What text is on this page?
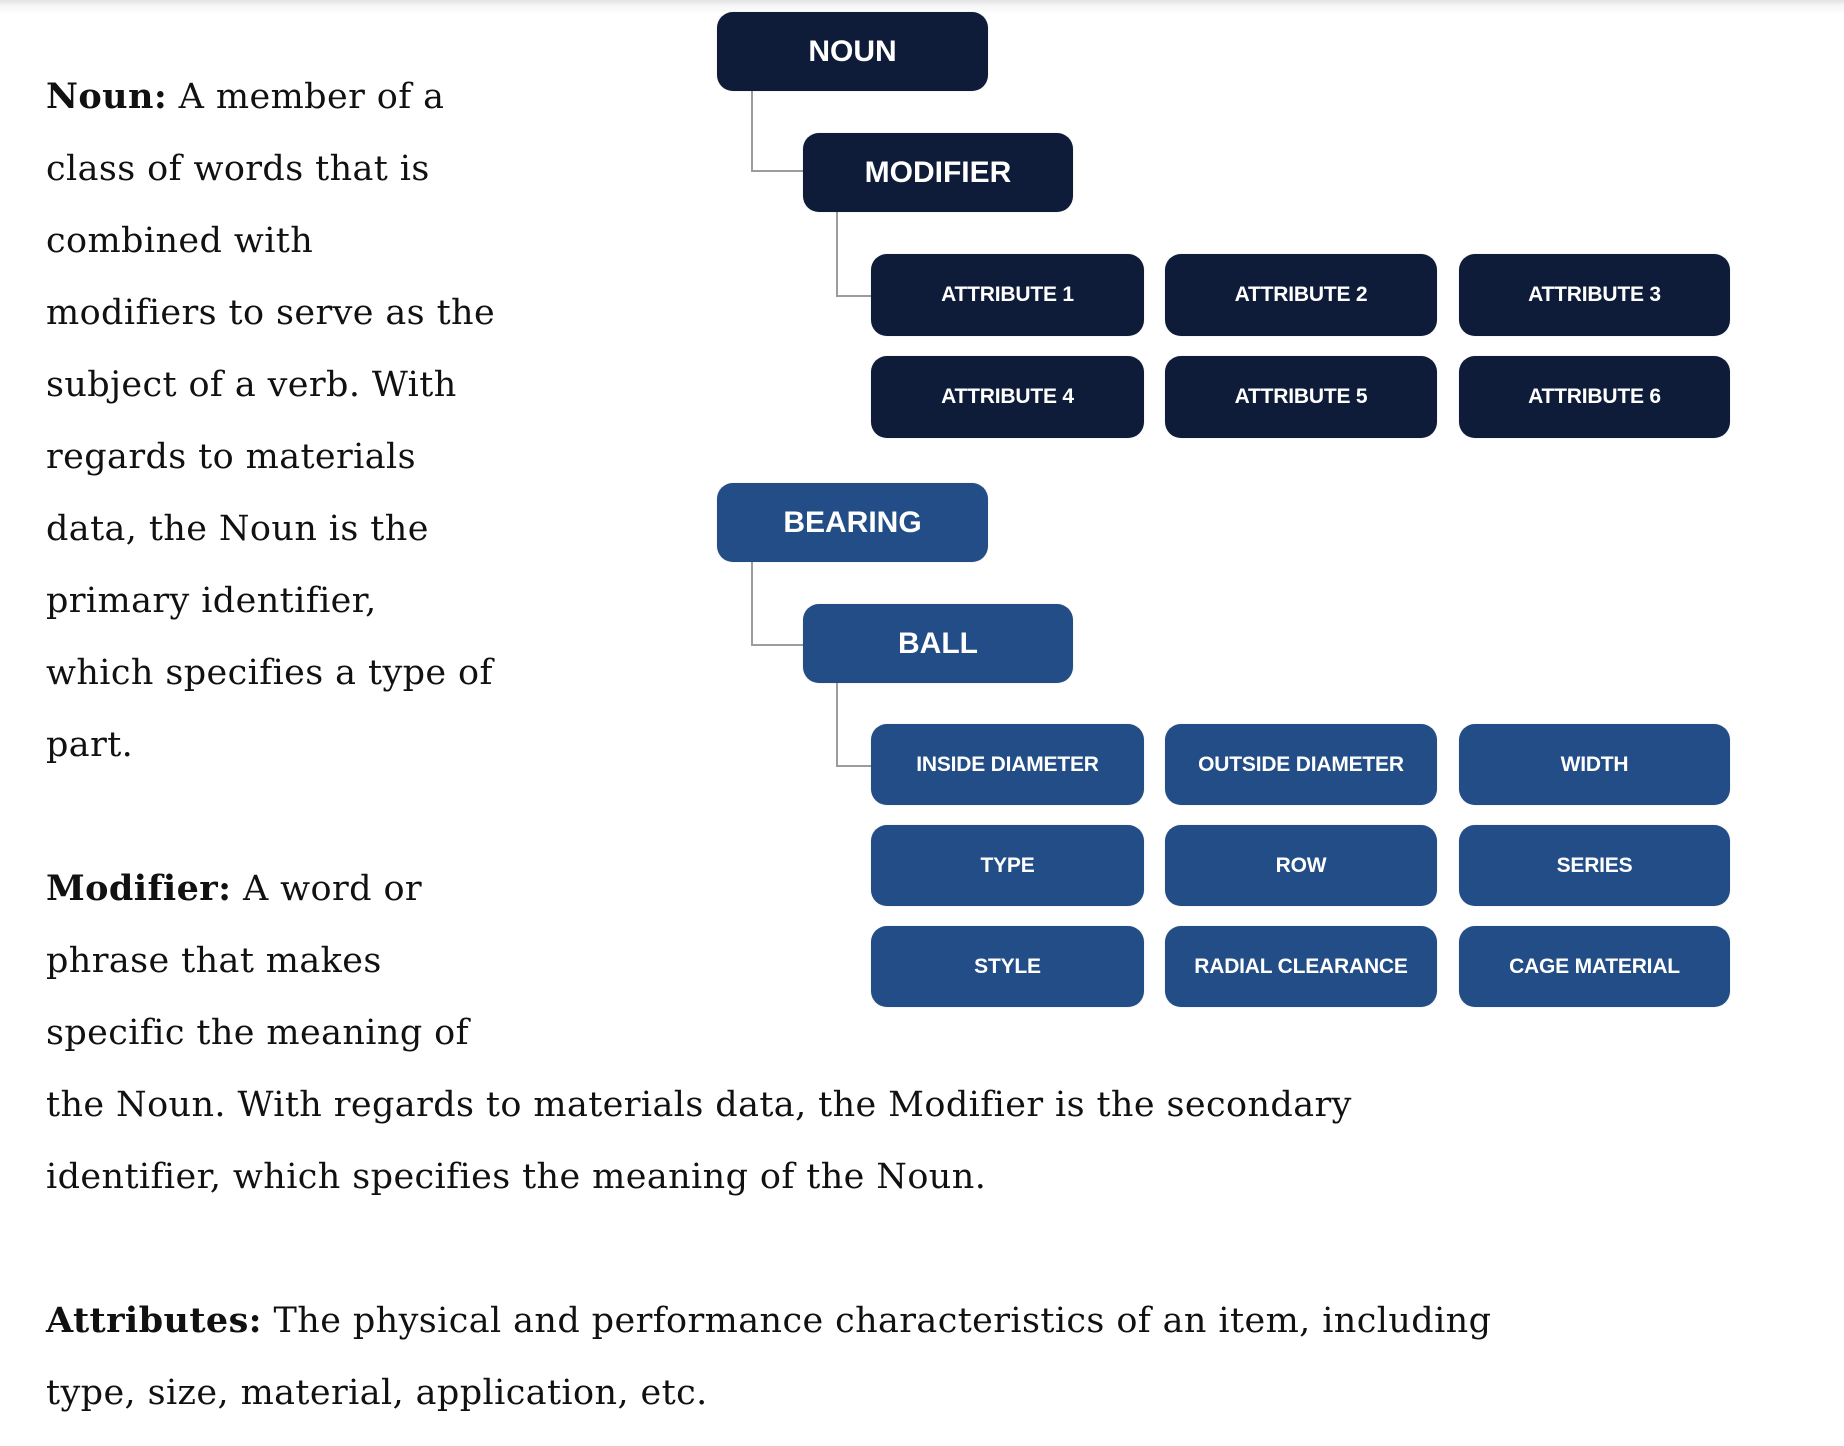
Noun: A member of a
class of words that is
combined with
modifiers to serve as the
subject of a verb. With
regards to materials
data, the Noun is the
primary identifier,
which specifies a type of
part.
Modifier: A word or
phrase that makes
specific the meaning of
the Noun. With regards to materials data, the Modifier is the secondary
identifier, which specifies the meaning of the Noun.
Attributes: The physical and performance characteristics of an item, including
type, size, material, application, etc.
NOUN
MODIFIER
ATTRIBUTE 1	ATTRIBUTE 2	ATTRIBUTE 3
ATTRIBUTE 4	ATTRIBUTE 5	ATTRIBUTE 6
BEARING
BALL
INSIDE DIAMETER	OUTSIDE DIAMETER	WIDTH
TYPE	ROW	SERIES
STYLE	RADIAL CLEARANCE	CAGE MATERIAL
